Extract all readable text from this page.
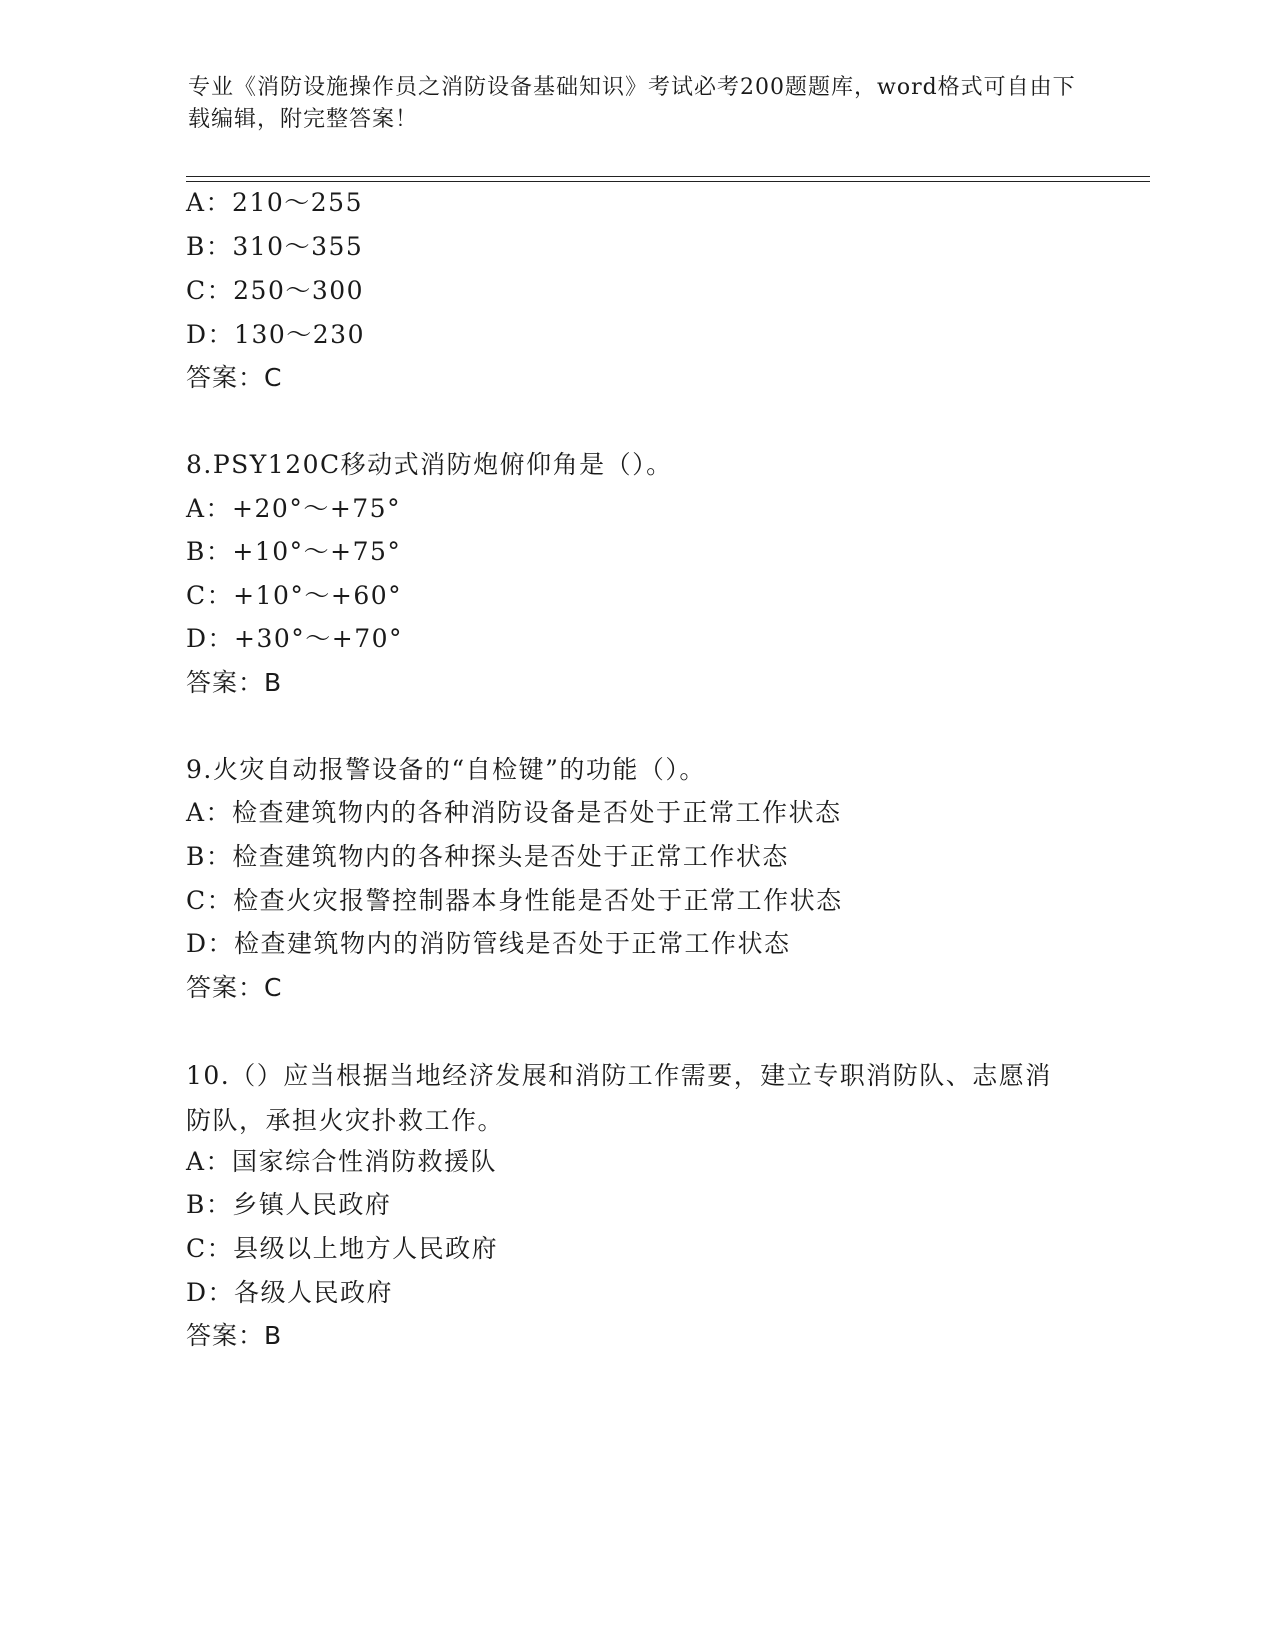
专业《消防设施操作员之消防设备基础知识》考试必考200题题库，word格式可自由下载编辑，附完整答案！
A：210～255
B：310～355
C：250～300
D：130～230
答案：C
8.PSY120C移动式消防炮俯仰角是（）。
A：+20°～+75°
B：+10°～+75°
C：+10°～+60°
D：+30°～+70°
答案：B
9.火灾自动报警设备的“自检键”的功能（）。
A：检查建筑物内的各种消防设备是否处于正常工作状态
B：检查建筑物内的各种探头是否处于正常工作状态
C：检查火灾报警控制器本身性能是否处于正常工作状态
D：检查建筑物内的消防管线是否处于正常工作状态
答案：C
10.（）应当根据当地经济发展和消防工作需要，建立专职消防队、志愿消防队，承担火灾扑救工作。
A：国家综合性消防救援队
B：乡镇人民政府
C：县级以上地方人民政府
D：各级人民政府
答案：B
